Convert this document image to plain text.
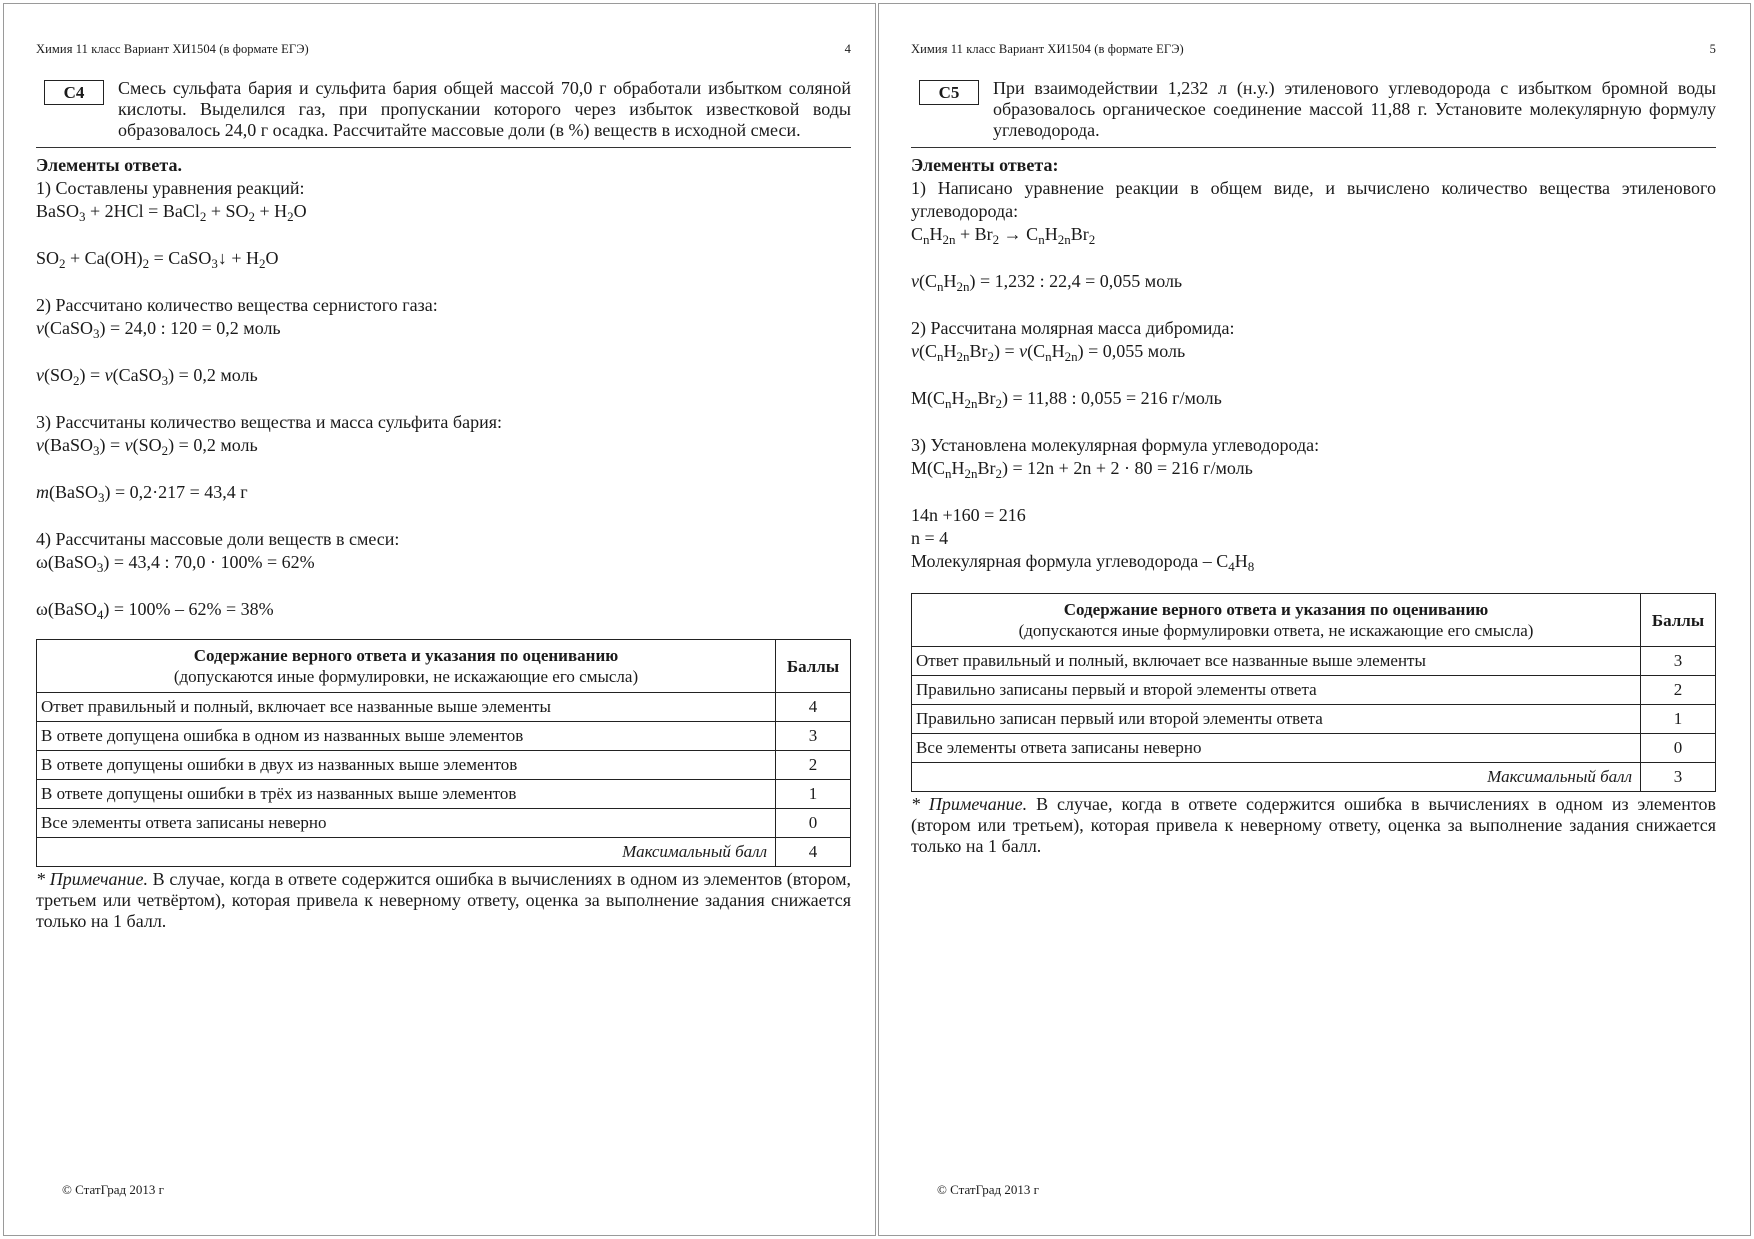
Химия 11 класс Вариант ХИ1504 (в формате ЕГЭ)	4
С4	Смесь сульфата бария и сульфита бария общей массой 70,0 г обработали избытком соляной кислоты. Выделился газ, при пропускании которого через избыток известковой воды образовалось 24,0 г осадка. Рассчитайте массовые доли (в %) веществ в исходной смеси.

Элементы ответа.

1) Составлены уравнения реакций:

BaSO$_3$ + 2HCl = BaCl$_2$ + $SO_2 + H_2O$

$SO_2 + Ca(OH)_2$ = CaSO$_3$↓ + $H_2O$

2) Рассчитано количество вещества сернистого газа:

ν(CaSO$_3$) = 24,0 : 120 = 0,2 моль

$\nu(SO_2)$ = ν(CaSO$_3$) = 0,2 моль

3) Рассчитаны количество вещества и масса сульфита бария:

ν(BaSO$_3$) = $\nu(SO_2) = 0,2$ моль

m(BaSO$_3$) = 0,2·217 = 43,4 г

4) Рассчитаны массовые доли веществ в смеси:

ω(BaSO$_3$) = 43,4 : 70,0 · 100% = 62%

ω(BaSO$_4$) = 100% – 62% = 38%

Содержание верного ответа и указания по оцениванию
(допускаются иные формулировки, не искажающие его смысла)	Баллы
Ответ правильный и полный, включает все названные выше элементы	4
В ответе допущена ошибка в одном из названных выше элементов	3
В ответе допущены ошибки в двух из названных выше элементов	2
В ответе допущены ошибки в трёх из названных выше элементов	1
Все элементы ответа записаны неверно	0
Максимальный балл	4

* Примечание. В случае, когда в ответе содержится ошибка в вычислениях в одном из элементов (втором, третьем или четвёртом), которая привела к неверному ответу, оценка за выполнение задания снижается только на 1 балл.

© СтатГрад 2013 г
Химия 11 класс Вариант ХИ1504 (в формате ЕГЭ)	5
С5	При взаимодействии 1,232 л (н.у.) этиленового углеводорода с избытком бромной воды образовалось органическое соединение массой 11,88 г. Установите молекулярную формулу углеводорода.

Элементы ответа:

1) Написано уравнение реакции в общем виде, и вычислено количество вещества этиленового углеводорода:

$C_nH_{2n} + Br_2 \to C_nH_{2n}Br_2$

$\nu(C_nH_{2n}) = 1,232$ : 22,4 = 0,055 моль

2) Рассчитана молярная масса дибромида:

$\nu(C_nH_{2n}Br_2) = \nu(C_nH_{2n}) = 0,055$ моль

$M(C_nH_{2n}Br_2) = 11,88$ : 0,055 = 216 г/моль

3) Установлена молекулярная формула углеводорода:

$M(C_nH_{2n}Br_2) = 12n + 2n + 2 \cdot 80 = 216$ г/моль

14n +160 = 216

n = 4

Молекулярная формула углеводорода – $C_4H_8$

Содержание верного ответа и указания по оцениванию
(допускаются иные формулировки ответа, не искажающие его смысла)	Баллы
Ответ правильный и полный, включает все названные выше элементы	3
Правильно записаны первый и второй элементы ответа	2
Правильно записан первый или второй элементы ответа	1
Все элементы ответа записаны неверно	0
Максимальный балл	3

* Примечание. В случае, когда в ответе содержится ошибка в вычислениях в одном из элементов (втором или третьем), которая привела к неверному ответу, оценка за выполнение задания снижается только на 1 балл.

© СтатГрад 2013 г
